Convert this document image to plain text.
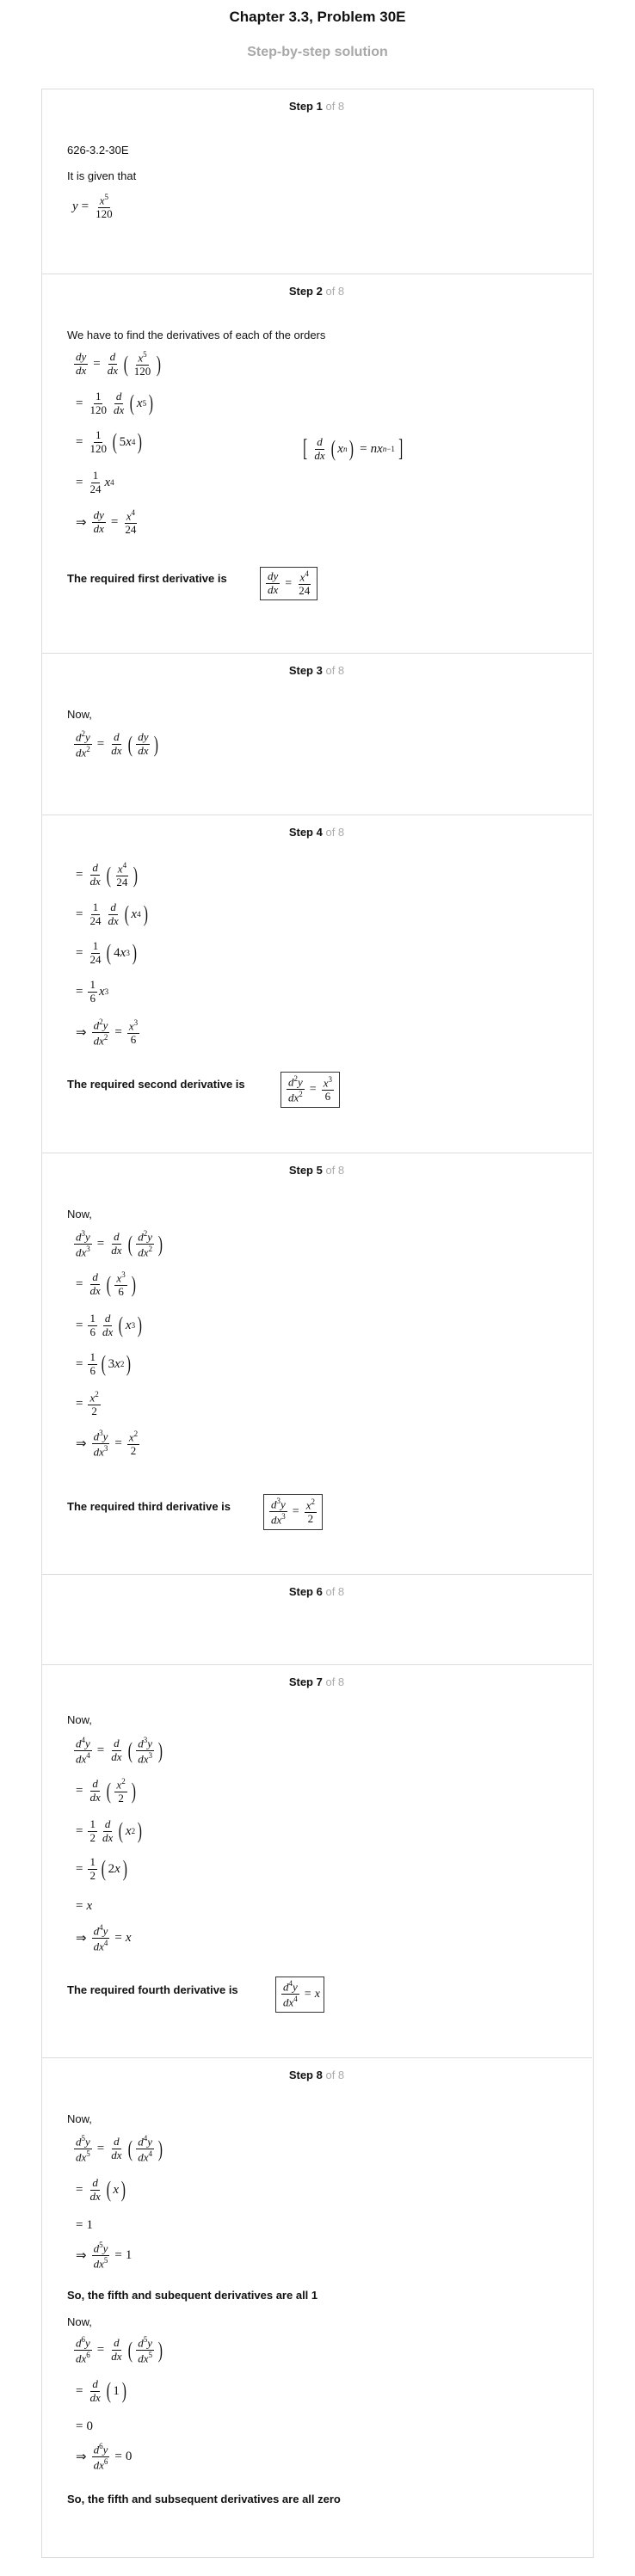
Chapter 3.3, Problem 30E
Step-by-step solution
Step 1 of 8
626-3.2-30E
It is given that
$y = \frac{x^5}{120}$
Step 2 of 8
We have to find the derivatives of each of the orders
$\frac{dy}{dx} = \frac{d}{dx}$ ( $\frac{x^5}{120}$ )
= $\frac{1}{120} \frac{d}{dx}$ ( x 5 )
= $\frac{1}{120}$ ( 5 x 4 )	[ $\frac{d}{dx}$ ( x n ) = nx n−1 ]
= $\frac{1}{24}$ x 4
⇒ $\frac{dy}{dx} = \frac{x^4}{24}$
The required first derivative is	$\frac{dy}{dx} = \frac{x^4}{24}$
Step 3 of 8
Now,
$\frac{d^2y}{dx^2} = \frac{d}{dx}$ ( $\frac{dy}{dx}$ )
Step 4 of 8
= $\frac{d}{dx}$ ( $\frac{x^4}{24}$ )
= $\frac{1}{24} \frac{d}{dx}$ ( x 4 )
= $\frac{1}{24}$ ( 4 x 3 )
= $\frac{1}{6}$ x 3
⇒ $\frac{d^2y}{dx^2} = \frac{x^3}{6}$
The required second derivative is	$\frac{d^2y}{dx^2} = \frac{x^3}{6}$
Step 5 of 8
Now,
$\frac{d^3y}{dx^3} = \frac{d}{dx}$ ( $\frac{d^2y}{dx^2}$ )
= $\frac{d}{dx}$ ( $\frac{x^3}{6}$ )
= $\frac{1}{6} \frac{d}{dx}$ ( x 3 )
= $\frac{1}{6}$ ( 3 x 2 )
= $\frac{x^2}{2}$
⇒ $\frac{d^3y}{dx^3} = \frac{x^2}{2}$
The required third derivative is	$\frac{d^3y}{dx^3} = \frac{x^2}{2}$
Step 6 of 8
Step 7 of 8
Now,
$\frac{d^4y}{dx^4} = \frac{d}{dx}$ ( $\frac{d^3y}{dx^3}$ )
= $\frac{d}{dx}$ ( $\frac{x^2}{2}$ )
= $\frac{1}{2} \frac{d}{dx}$ ( x 2 )
= $\frac{1}{2}$ ( 2 x )
= x
⇒ $\frac{d^4y}{dx^4} = x$
The required fourth derivative is	$\frac{d^4y}{dx^4} = x$
Step 8 of 8
Now,
$\frac{d^5y}{dx^5} = \frac{d}{dx}$ ( $\frac{d^4y}{dx^4}$ )
= $\frac{d}{dx}$ ( x )
= 1
⇒ $\frac{d^5y}{dx^5} = 1$
So, the fifth and subequent derivatives are all 1
Now,
$\frac{d^6y}{dx^6} = \frac{d}{dx}$ ( $\frac{d^5y}{dx^5}$ )
= $\frac{d}{dx}$ ( 1 )
= 0
⇒ $\frac{d^6y}{dx^6} = 0$
So, the fifth and subsequent derivatives are all zero
